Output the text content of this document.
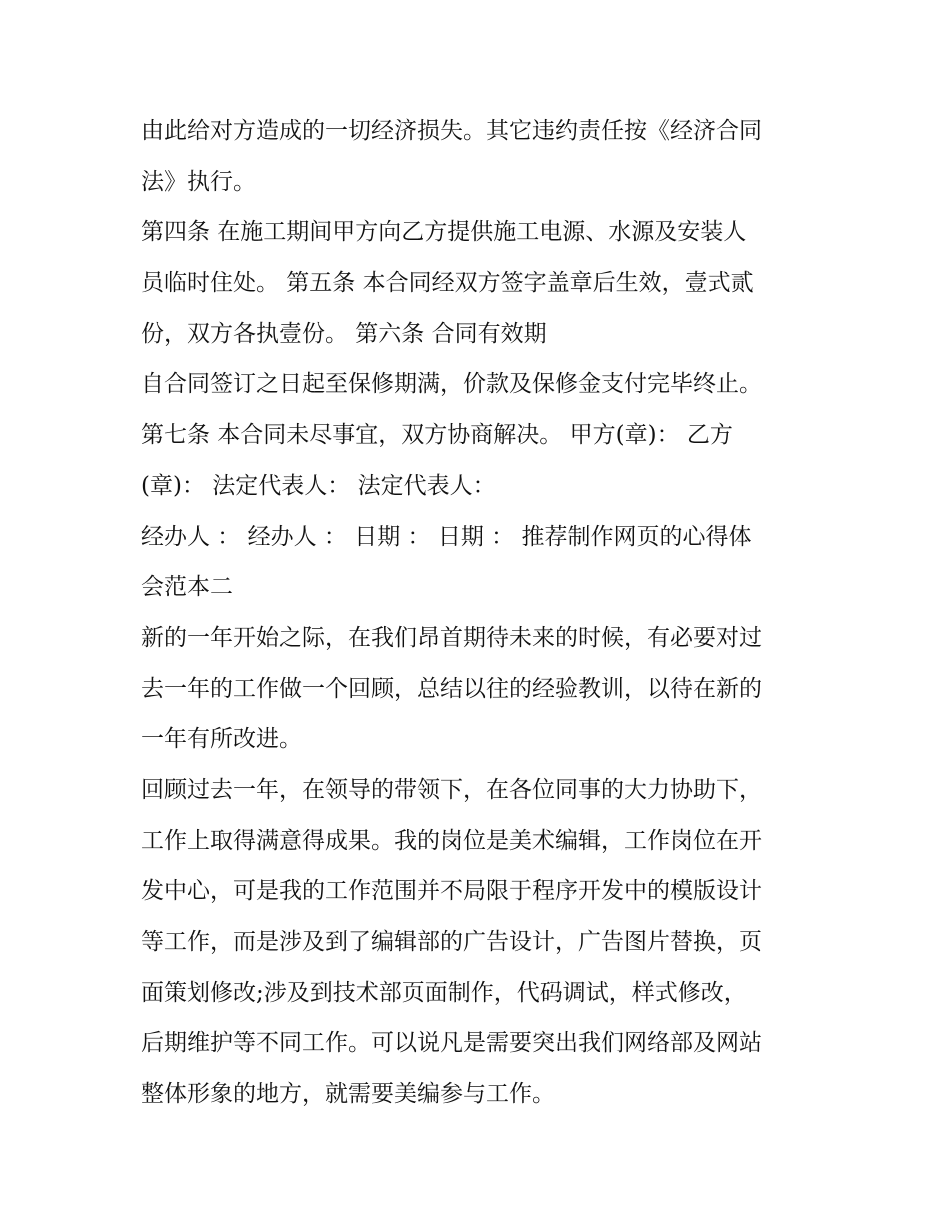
由此给对方造成的一切经济损失。其它违约责任按《经济合同
法》执行。
第四条 在施工期间甲方向乙方提供施工电源、水源及安装人
员临时住处。 第五条 本合同经双方签字盖章后生效，壹式贰
份，双方各执壹份。 第六条 合同有效期
自合同签订之日起至保修期满，价款及保修金支付完毕终止。
第七条 本合同未尽事宜，双方协商解决。 甲方(章)： 乙方
(章)： 法定代表人： 法定代表人：
经办人 ： 经办人 ： 日期 ： 日期 ： 推荐制作网页的心得体
会范本二
新的一年开始之际，在我们昂首期待未来的时候，有必要对过
去一年的工作做一个回顾，总结以往的经验教训，以待在新的
一年有所改进。
回顾过去一年，在领导的带领下，在各位同事的大力协助下，
工作上取得满意得成果。我的岗位是美术编辑，工作岗位在开
发中心，可是我的工作范围并不局限于程序开发中的模版设计
等工作，而是涉及到了编辑部的广告设计，广告图片替换，页
面策划修改;涉及到技术部页面制作，代码调试，样式修改，
后期维护等不同工作。可以说凡是需要突出我们网络部及网站
整体形象的地方，就需要美编参与工作。
